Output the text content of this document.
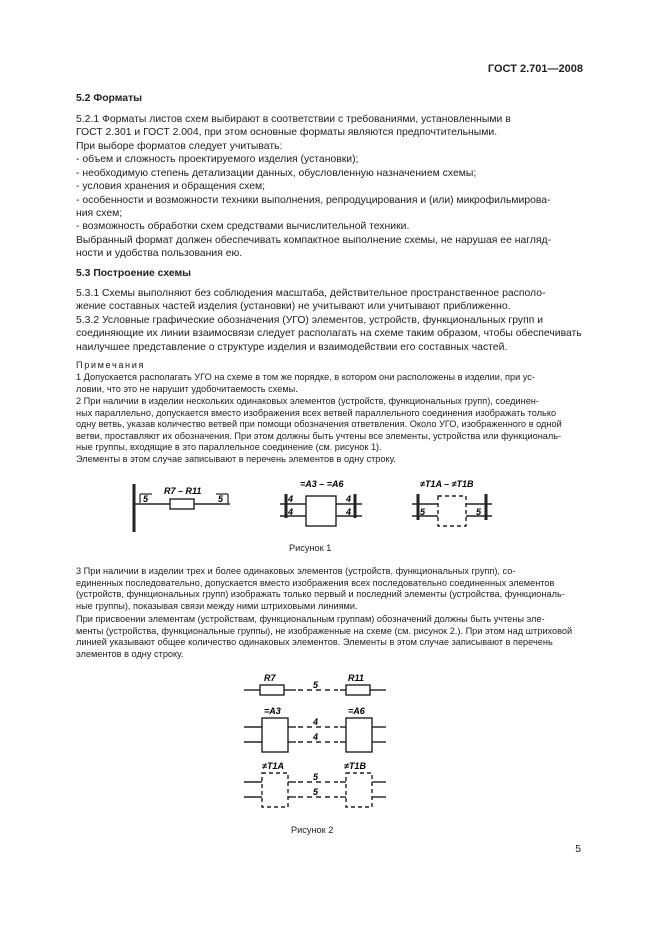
ГОСТ 2.701—2008
5.2 Форматы

5.2.1 Форматы листов схем выбирают в соответствии с требованиями, установленными в
ГОСТ 2.301 и ГОСТ 2.004, при этом основные форматы являются предпочтительными.

При выборе форматов следует учитывать:
- объем и сложность проектируемого изделия (установки);
- необходимую степень детализации данных, обусловленную назначением схемы;
- условия хранения и обращения схем;
- особенности и возможности техники выполнения, репродуцирования и (или) микрофильмирова-
ния схем;
- возможность обработки схем средствами вычислительной техники.
Выбранный формат должен обеспечивать компактное выполнение схемы, не нарушая ее нагляд-
ности и удобства пользования ею.

5.3 Построение схемы

5.3.1 Схемы выполняют без соблюдения масштаба, действительное пространственное располо-
жение составных частей изделия (установки) не учитывают или учитывают приближенно.

5.3.2 Условные графические обозначения (УГО) элементов, устройств, функциональных групп и
соединяющие их линии взаимосвязи следует располагать на схеме таким образом, чтобы обеспечивать
наилучшее представление о структуре изделия и взаимодействии его составных частей.

Примечания

1 Допускается располагать УГО на схеме в том же порядке, в котором они расположены в изделии, при ус-
ловии, что это не нарушит удобочитаемость схемы.

2 При наличии в изделии нескольких одинаковых элементов (устройств, функциональных групп), соединен-
ных параллельно, допускается вместо изображения всех ветвей параллельного соединения изображать только
одну ветвь, указав количество ветвей при помощи обозначения ответвления. Около УГО, изображенного в одной
ветви, проставляют их обозначения. При этом должны быть учтены все элементы, устройства или функциональ-
ные группы, входящие в это параллельное соединение (см. рисунок 1).
Элементы в этом случае записывают в перечень элементов в одну строку.

5	5
R7 – R11
4
4
4
4
=A3 – =A6
5	5
≠T1A – ≠T1B
Рисунок 1

3 При наличии в изделии трех и более одинаковых элементов (устройств, функциональных групп), со-
единенных последовательно, допускается вместо изображения всех последовательно соединенных элементов
(устройств, функциональных групп) изображать только первый и последний элементы (устройства, функциональ-
ные группы), показывая связи между ними штриховыми линиями.

При присвоении элементам (устройствам, функциональным группам) обозначений должны быть учтены эле-
менты (устройства, функциональные группы), не изображенные на схеме (см. рисунок 2.). При этом над штриховой
линией указывают общее количество одинаковых элементов. Элементы в этом случае записывают в перечень
элементов в одну строку.

R7	R11
5
=A3	=A6
4
4
≠T1A	≠T1B
5
5
Рисунок 2
5
